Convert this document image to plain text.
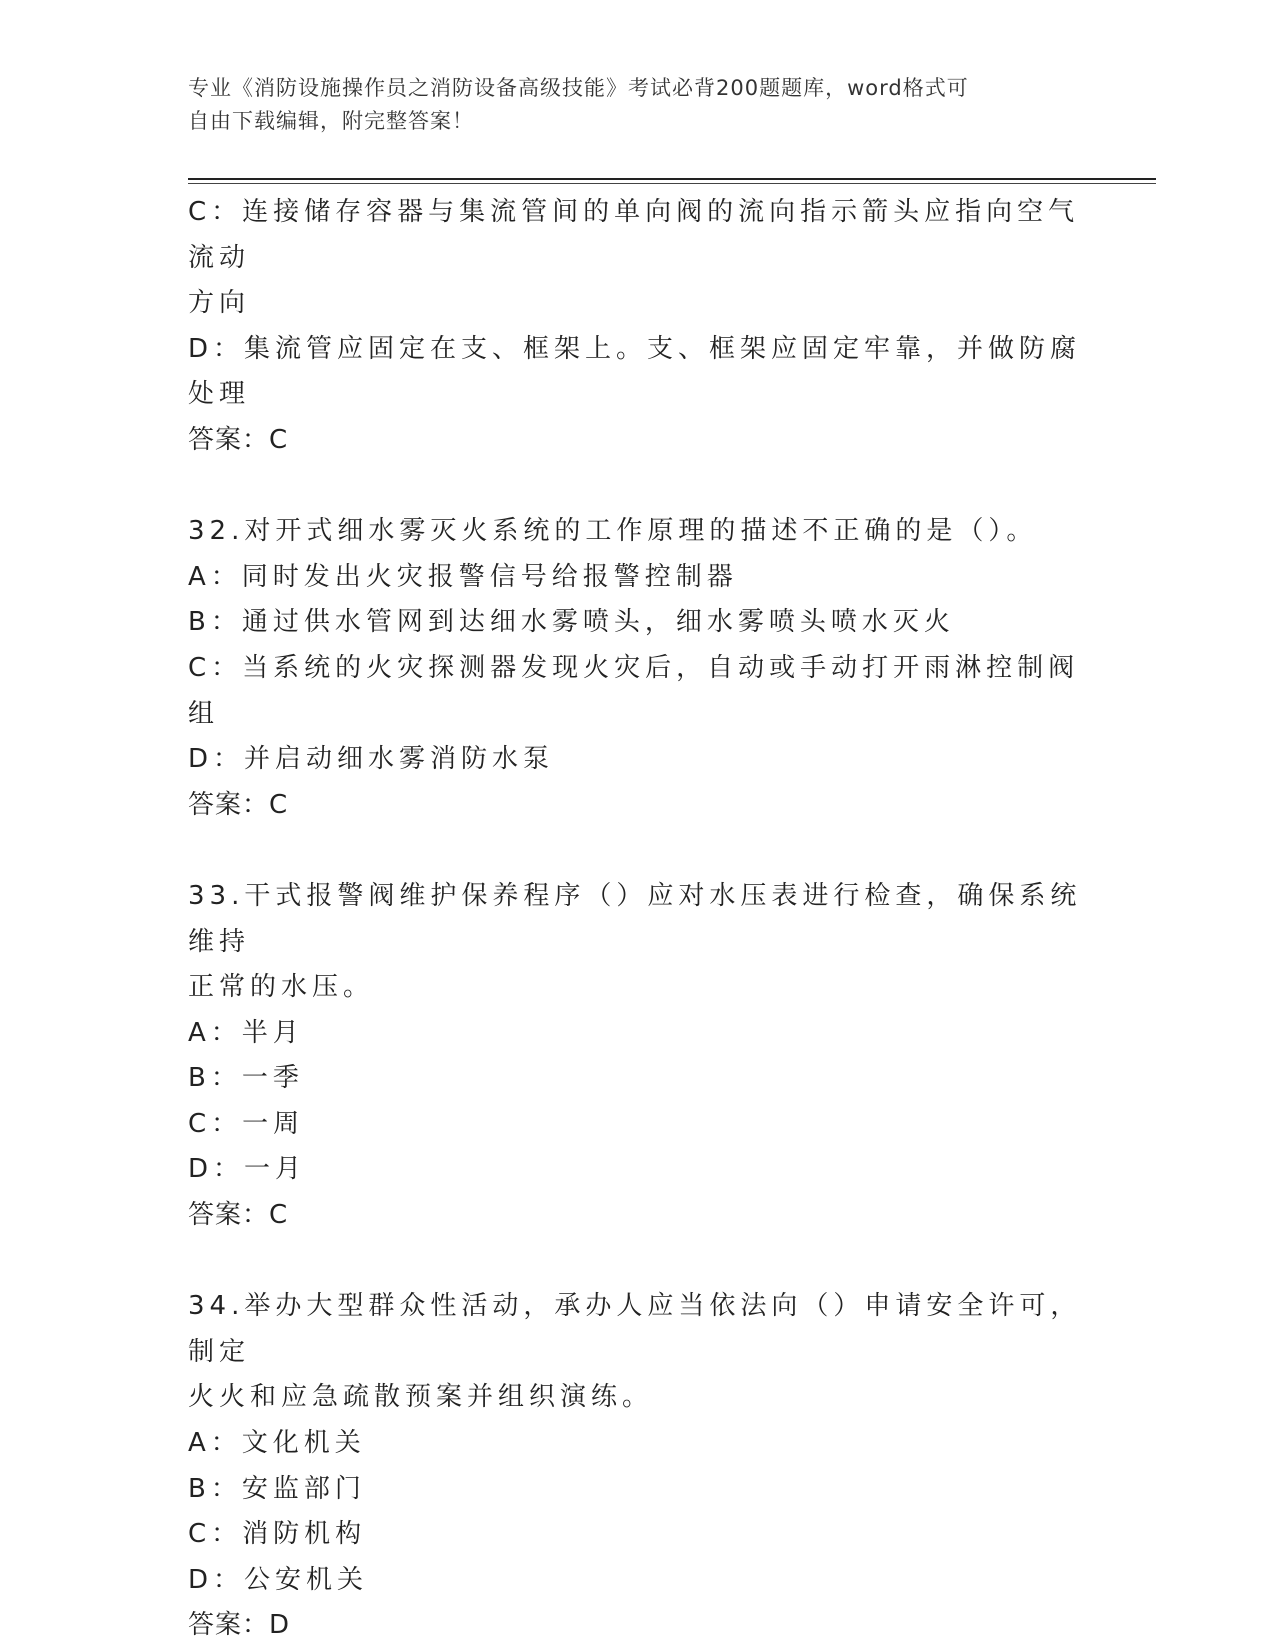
专业《消防设施操作员之消防设备高级技能》考试必背200题题库，word格式可
自由下载编辑，附完整答案！

C：连接储存容器与集流管间的单向阀的流向指示箭头应指向空气流动

方向

D：集流管应固定在支、框架上。支、框架应固定牢靠，并做防腐处理

答案：C

32.对开式细水雾灭火系统的工作原理的描述不正确的是（）。

A：同时发出火灾报警信号给报警控制器

B：通过供水管网到达细水雾喷头，细水雾喷头喷水灭火

C：当系统的火灾探测器发现火灾后，自动或手动打开雨淋控制阀组

D：并启动细水雾消防水泵

答案：C

33.干式报警阀维护保养程序（）应对水压表进行检查，确保系统维持

正常的水压。

A：半月

B：一季

C：一周

D：一月

答案：C

34.举办大型群众性活动，承办人应当依法向（）申请安全许可，制定

火火和应急疏散预案并组织演练。

A：文化机关

B：安监部门

C：消防机构

D：公安机关

答案：D
